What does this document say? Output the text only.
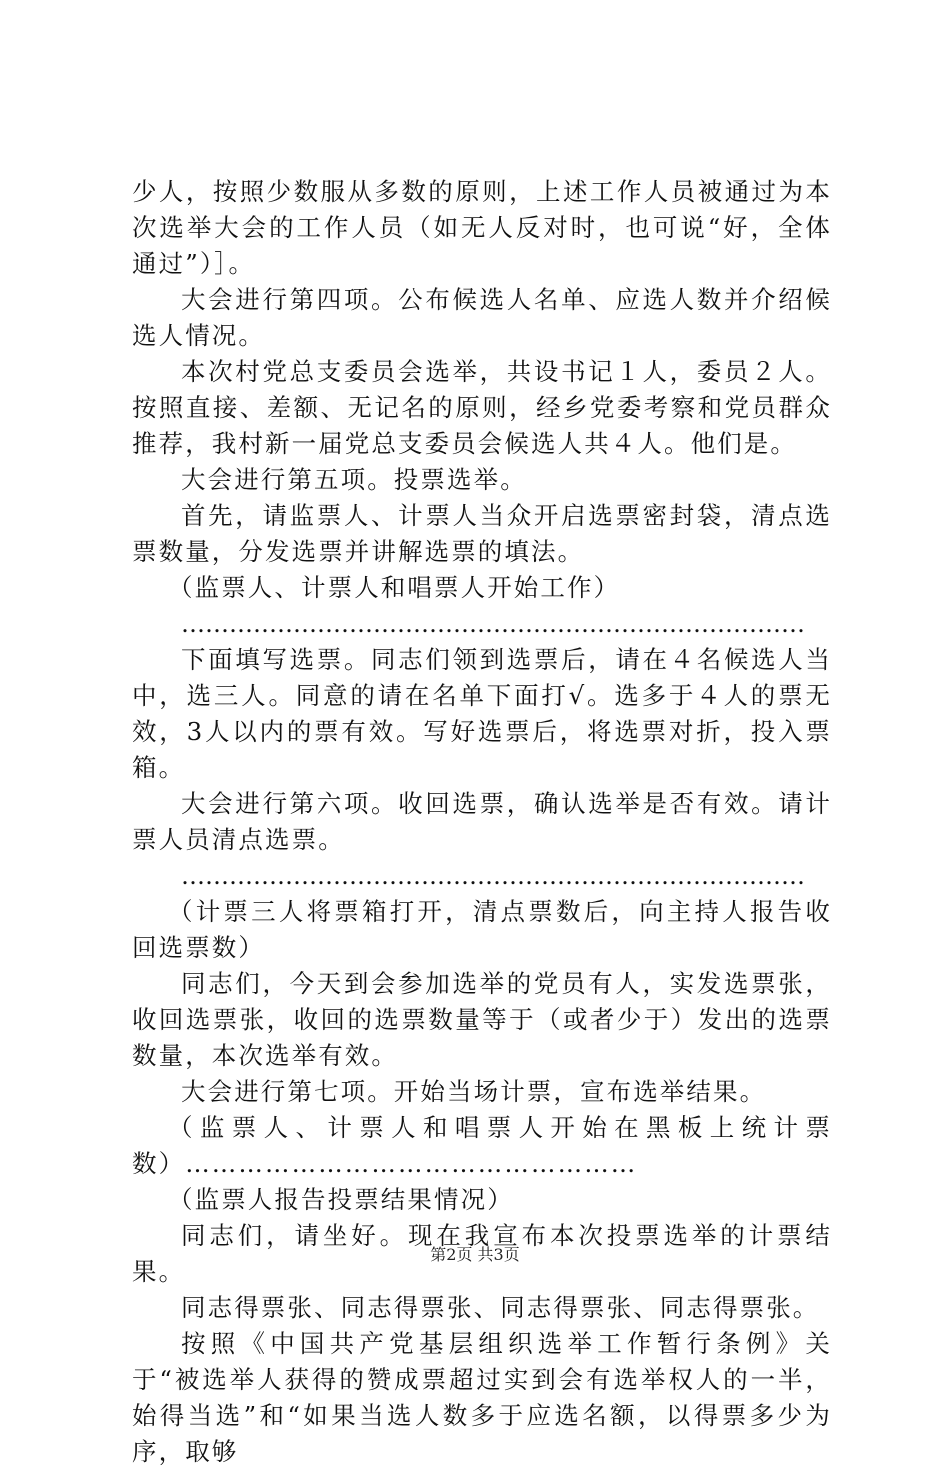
少人，按照少数服从多数的原则，上述工作人员被通过为本次选举大会的工作人员（如无人反对时，也可说“好，全体通过”）］。

大会进行第四项。公布候选人名单、应选人数并介绍候选人情况。

本次村党总支委员会选举，共设书记１人，委员２人。按照直接、差额、无记名的原则，经乡党委考察和党员群众推荐，我村新一届党总支委员会候选人共４人。他们是。

大会进行第五项。投票选举。

首先，请监票人、计票人当众开启选票密封袋，清点选票数量，分发选票并讲解选票的填法。

（监票人、计票人和唱票人开始工作）

……………………………………………………………………

下面填写选票。同志们领到选票后，请在４名候选人当中，选三人。同意的请在名单下面打√。选多于４人的票无效，3人以内的票有效。写好选票后，将选票对折，投入票箱。

大会进行第六项。收回选票，确认选举是否有效。请计票人员清点选票。

……………………………………………………………………

（计票三人将票箱打开，清点票数后，向主持人报告收回选票数）

同志们，今天到会参加选举的党员有人，实发选票张，收回选票张，收回的选票数量等于（或者少于）发出的选票数量，本次选举有效。

大会进行第七项。开始当场计票，宣布选举结果。

（监票人、计票人和唱票人开始在黑板上统计票数）……………………………………………

（监票人报告投票结果情况）

同志们，请坐好。现在我宣布本次投票选举的计票结果。

同志得票张、同志得票张、同志得票张、同志得票张。

按照《中国共产党基层组织选举工作暂行条例》关于“被选举人获得的赞成票超过实到会有选举权人的一半，始得当选”和“如果当选人数多于应选名额，以得票多少为序，取够

第2页 共3页
